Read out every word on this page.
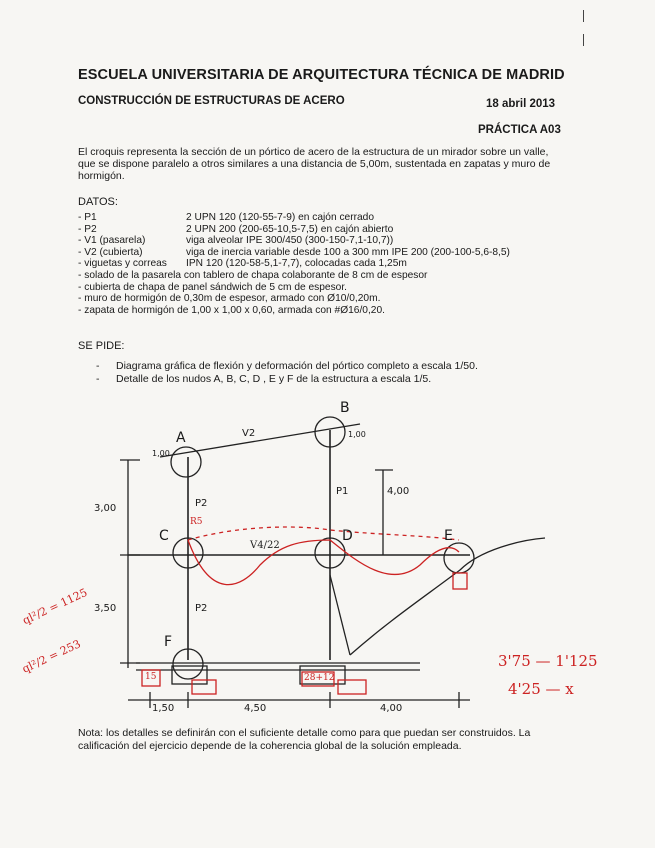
ESCUELA UNIVERSITARIA DE ARQUITECTURA TÉCNICA DE MADRID
CONSTRUCCIÓN DE ESTRUCTURAS DE ACERO	18 abril 2013
PRÁCTICA A03
El croquis representa la sección de un pórtico de acero de la estructura de un mirador sobre un valle, que se dispone paralelo a otros similares a una distancia de 5,00m, sustentada en zapatas y muro de hormigón.
DATOS:
- P1	2 UPN 120 (120-55-7-9) en cajón cerrado
- P2	2 UPN 200 (200-65-10,5-7,5) en cajón abierto
- V1 (pasarela)	viga alveolar IPE 300/450 (300-150-7,1-10,7))
- V2 (cubierta)	viga de inercia variable desde 100 a 300 mm IPE 200 (200-100-5,6-8,5)
- viguetas y correas	IPN 120 (120-58-5,1-7,7), colocadas cada 1,25m
- solado de la pasarela con tablero de chapa colaborante de 8 cm de espesor
- cubierta de chapa de panel sándwich de 5 cm de espesor.
- muro de hormigón de 0,30m de espesor, armado con Ø10/0,20m.
- zapata de hormigón de 1,00 x 1,00 x 0,60, armada con #Ø16/0,20.
SE PIDE:
-	Diagrama gráfica de flexión y deformación del pórtico completo a escala 1/50.
-	Detalle de los nudos A, B, C, D , E y F de la estructura a escala 1/5.
A
B
C	D	E
F
V2
P1
P2
P2
3,00
3,50
4,00
1,00
1,00
1,50	4,50	4,00
ql²/2 = 1125
ql²/2 = 253	3'75 — 1'125
4'25 — x
R5
V4/22
15	28+12
Nota: los detalles se definirán con el suficiente detalle como para que puedan ser construidos. La calificación del ejercicio depende de la coherencia global de la solución empleada.
